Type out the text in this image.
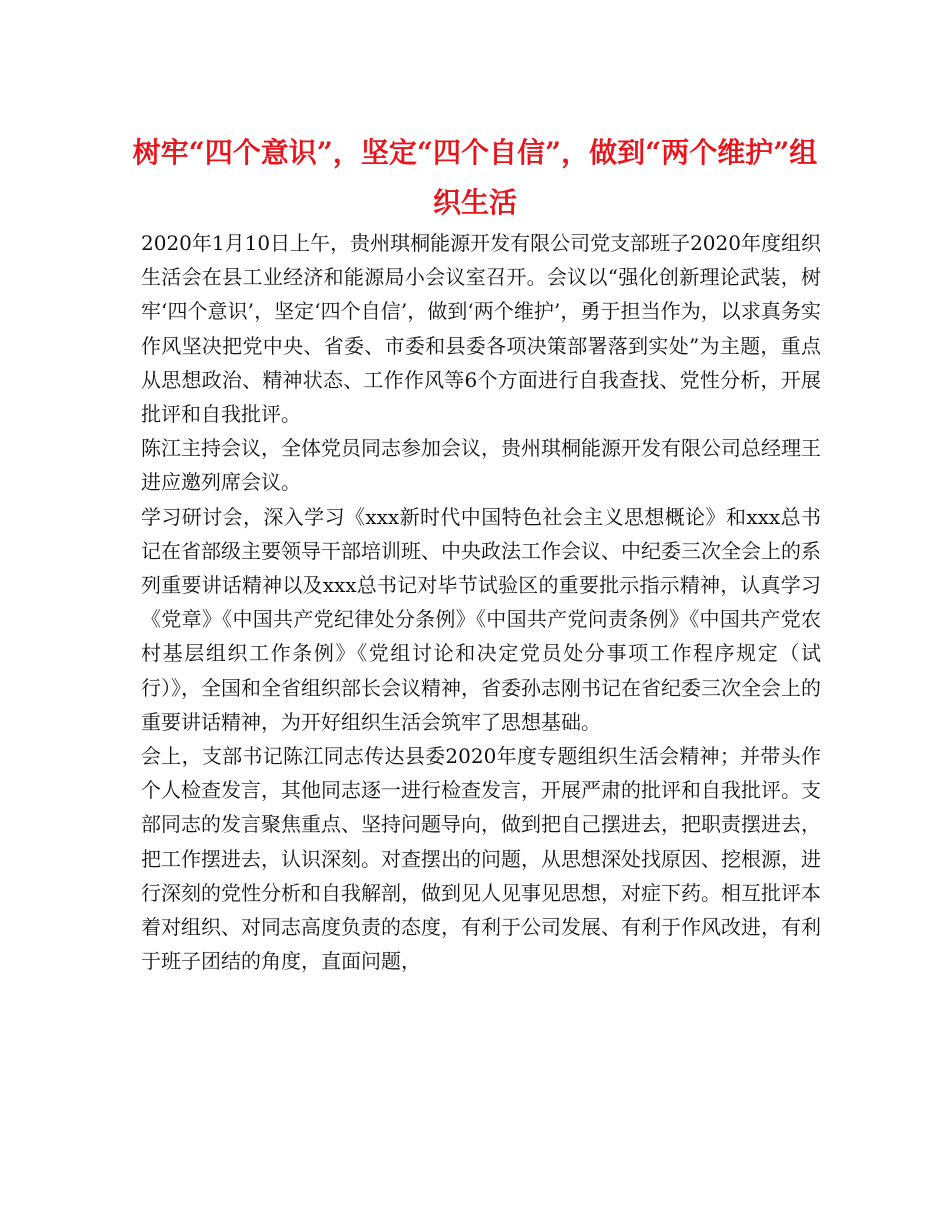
树牢“四个意识”，坚定“四个自信”，做到“两个维护”组织生活

2020年1月10日上午，贵州琪桐能源开发有限公司党支部班子2020年度组织生活会在县工业经济和能源局小会议室召开。会议以“强化创新理论武装，树牢‘四个意识’，坚定‘四个自信’，做到‘两个维护’，勇于担当作为，以求真务实作风坚决把党中央、省委、市委和县委各项决策部署落到实处”为主题，重点从思想政治、精神状态、工作作风等6个方面进行自我查找、党性分析，开展批评和自我批评。

陈江主持会议，全体党员同志参加会议，贵州琪桐能源开发有限公司总经理王进应邀列席会议。

学习研讨会，深入学习《xxx新时代中国特色社会主义思想概论》和xxx总书记在省部级主要领导干部培训班、中央政法工作会议、中纪委三次全会上的系列重要讲话精神以及xxx总书记对毕节试验区的重要批示指示精神，认真学习《党章》《中国共产党纪律处分条例》《中国共产党问责条例》《中国共产党农村基层组织工作条例》《党组讨论和决定党员处分事项工作程序规定（试行）》，全国和全省组织部长会议精神，省委孙志刚书记在省纪委三次全会上的重要讲话精神，为开好组织生活会筑牢了思想基础。

会上，支部书记陈江同志传达县委2020年度专题组织生活会精神；并带头作个人检查发言，其他同志逐一进行检查发言，开展严肃的批评和自我批评。支部同志的发言聚焦重点、坚持问题导向，做到把自己摆进去，把职责摆进去，把工作摆进去，认识深刻。对查摆出的问题，从思想深处找原因、挖根源，进行深刻的党性分析和自我解剖，做到见人见事见思想，对症下药。相互批评本着对组织、对同志高度负责的态度，有利于公司发展、有利于作风改进，有利于班子团结的角度，直面问题，
